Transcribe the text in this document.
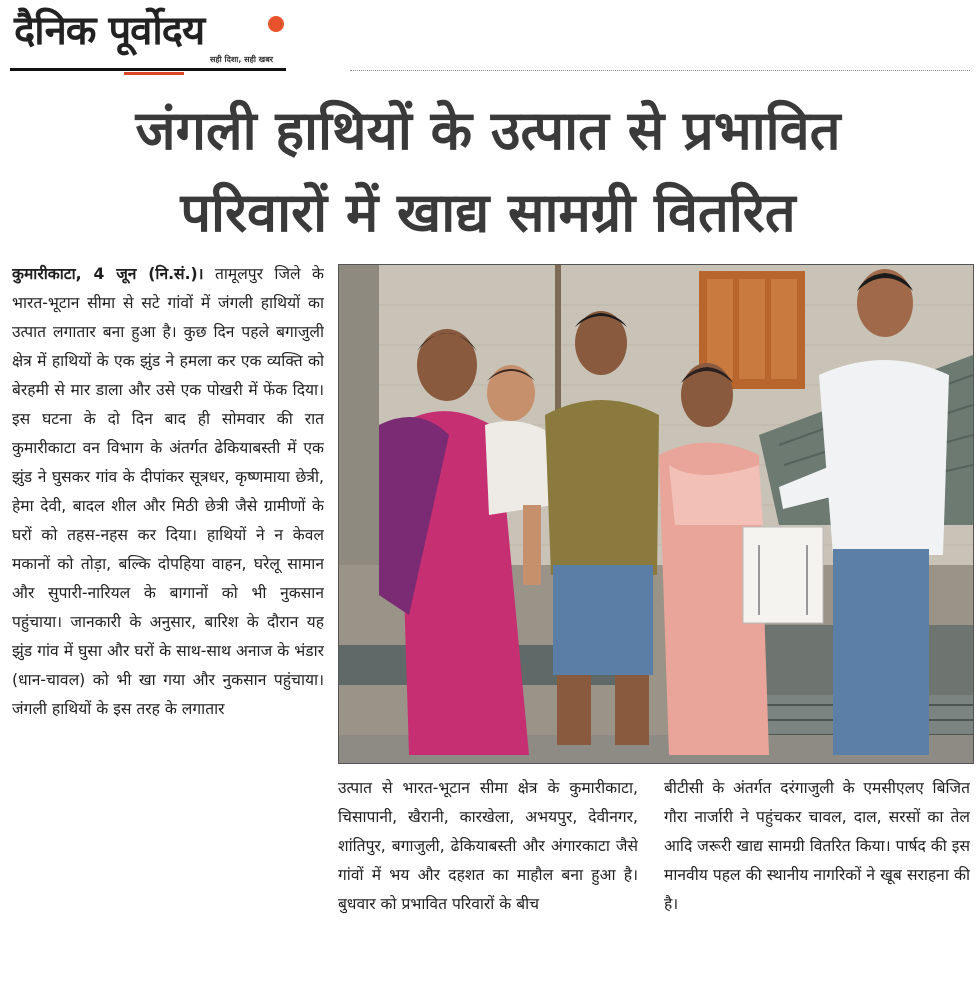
दैनिक पूर्वोदय
सही दिशा, सही खबर
जंगली हाथियों के उत्पात से प्रभावित
परिवारों में खाद्य सामग्री वितरित
कुमारीकाटा, 4 जून (नि.सं.)। तामूलपुर जिले के भारत-भूटान सीमा से सटे गांवों में जंगली हाथियों का उत्पात लगातार बना हुआ है। कुछ दिन पहले बगाजुली क्षेत्र में हाथियों के एक झुंड ने हमला कर एक व्यक्ति को बेरहमी से मार डाला और उसे एक पोखरी में फेंक दिया। इस घटना के दो दिन बाद ही सोमवार की रात कुमारीकाटा वन विभाग के अंतर्गत ढेकियाबस्ती में एक झुंड ने घुसकर गांव के दीपांकर सूत्रधर, कृष्णमाया छेत्री, हेमा देवी, बादल शील और मिठी छेत्री जैसे ग्रामीणों के घरों को तहस-नहस कर दिया। हाथियों ने न केवल मकानों को तोड़ा, बल्कि दोपहिया वाहन, घरेलू सामान और सुपारी-नारियल के बागानों को भी नुकसान पहुंचाया। जानकारी के अनुसार, बारिश के दौरान यह झुंड गांव में घुसा और घरों के साथ-साथ अनाज के भंडार (धान-चावल) को भी खा गया और नुकसान पहुंचाया। जंगली हाथियों के इस तरह के लगातार
उत्पात से भारत-भूटान सीमा क्षेत्र के कुमारीकाटा, चिसापानी, खैरानी, कारखेला, अभयपुर, देवीनगर, शांतिपुर, बगाजुली, ढेकियाबस्ती और अंगारकाटा जैसे गांवों में भय और दहशत का माहौल बना हुआ है। बुधवार को प्रभावित परिवारों के बीच
बीटीसी के अंतर्गत दरंगाजुली के एमसीएलए बिजित गौरा नार्जारी ने पहुंचकर चावल, दाल, सरसों का तेल आदि जरूरी खाद्य सामग्री वितरित किया। पार्षद की इस मानवीय पहल की स्थानीय नागरिकों ने खूब सराहना की है।
